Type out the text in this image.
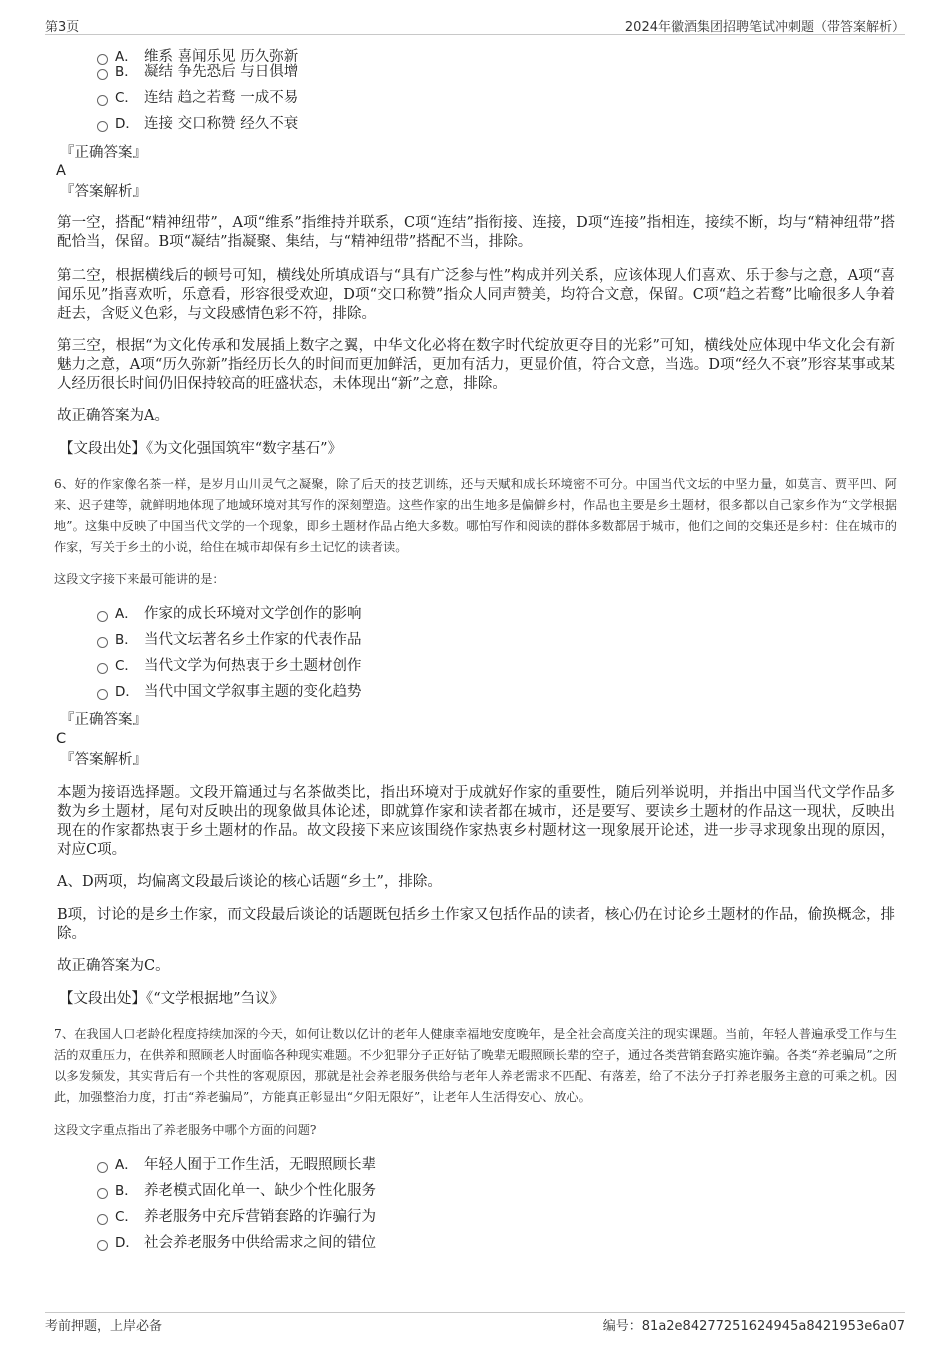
第3页	2024年徽酒集团招聘笔试冲刺题（带答案解析）
A． 维系 喜闻乐见 历久弥新
B． 凝结 争先恐后 与日俱增
C． 连结 趋之若鹜 一成不易
D． 连接 交口称赞 经久不衰
『正确答案』
A
『答案解析』
第一空，搭配“精神纽带”，A项“维系”指维持并联系，C项“连结”指衔接、连接，D项“连接”指相连，接续不断，均与“精神纽带”搭配恰当，保留。B项“凝结”指凝聚、集结，与“精神纽带”搭配不当，排除。
第二空，根据横线后的顿号可知，横线处所填成语与“具有广泛参与性”构成并列关系，应该体现人们喜欢、乐于参与之意，A项“喜闻乐见”指喜欢听，乐意看，形容很受欢迎，D项“交口称赞”指众人同声赞美，均符合文意，保留。C项“趋之若鹜”比喻很多人争着赶去，含贬义色彩，与文段感情色彩不符，排除。
第三空，根据“为文化传承和发展插上数字之翼，中华文化必将在数字时代绽放更夺目的光彩”可知，横线处应体现中华文化会有新魅力之意，A项“历久弥新”指经历长久的时间而更加鲜活，更加有活力，更显价值，符合文意，当选。D项“经久不衰”形容某事或某人经历很长时间仍旧保持较高的旺盛状态，未体现出“新”之意，排除。
故正确答案为A。
【文段出处】《为文化强国筑牢“数字基石”》
6、好的作家像名茶一样，是岁月山川灵气之凝聚，除了后天的技艺训练，还与天赋和成长环境密不可分。中国当代文坛的中坚力量，如莫言、贾平凹、阿来、迟子建等，就鲜明地体现了地域环境对其写作的深刻塑造。这些作家的出生地多是偏僻乡村，作品也主要是乡土题材，很多都以自己家乡作为“文学根据地”。这集中反映了中国当代文学的一个现象，即乡土题材作品占绝大多数。哪怕写作和阅读的群体多数都居于城市，他们之间的交集还是乡村：住在城市的作家，写关于乡土的小说，给住在城市却保有乡土记忆的读者读。
这段文字接下来最可能讲的是：
A． 作家的成长环境对文学创作的影响
B． 当代文坛著名乡土作家的代表作品
C． 当代文学为何热衷于乡土题材创作
D． 当代中国文学叙事主题的变化趋势
『正确答案』
C
『答案解析』
本题为接语选择题。文段开篇通过与名茶做类比，指出环境对于成就好作家的重要性，随后列举说明，并指出中国当代文学作品多数为乡土题材，尾句对反映出的现象做具体论述，即就算作家和读者都在城市，还是要写、要读乡土题材的作品这一现状，反映出现在的作家都热衷于乡土题材的作品。故文段接下来应该围绕作家热衷乡村题材这一现象展开论述，进一步寻求现象出现的原因，对应C项。
A、D两项，均偏离文段最后谈论的核心话题“乡土”，排除。
B项，讨论的是乡土作家，而文段最后谈论的话题既包括乡土作家又包括作品的读者，核心仍在讨论乡土题材的作品，偷换概念，排除。
故正确答案为C。
【文段出处】《“文学根据地”刍议》
7、在我国人口老龄化程度持续加深的今天，如何让数以亿计的老年人健康幸福地安度晚年，是全社会高度关注的现实课题。当前，年轻人普遍承受工作与生活的双重压力，在供养和照顾老人时面临各种现实难题。不少犯罪分子正好钻了晚辈无暇照顾长辈的空子，通过各类营销套路实施诈骗。各类“养老骗局”之所以多发频发，其实背后有一个共性的客观原因，那就是社会养老服务供给与老年人养老需求不匹配、有落差，给了不法分子打养老服务主意的可乘之机。因此，加强整治力度，打击“养老骗局”，方能真正彰显出“夕阳无限好”，让老年人生活得安心、放心。
这段文字重点指出了养老服务中哪个方面的问题?
A． 年轻人囿于工作生活，无暇照顾长辈
B． 养老模式固化单一、缺少个性化服务
C． 养老服务中充斥营销套路的诈骗行为
D． 社会养老服务中供给需求之间的错位
考前押题，上岸必备	编号：81a2e84277251624945a8421953e6a07
